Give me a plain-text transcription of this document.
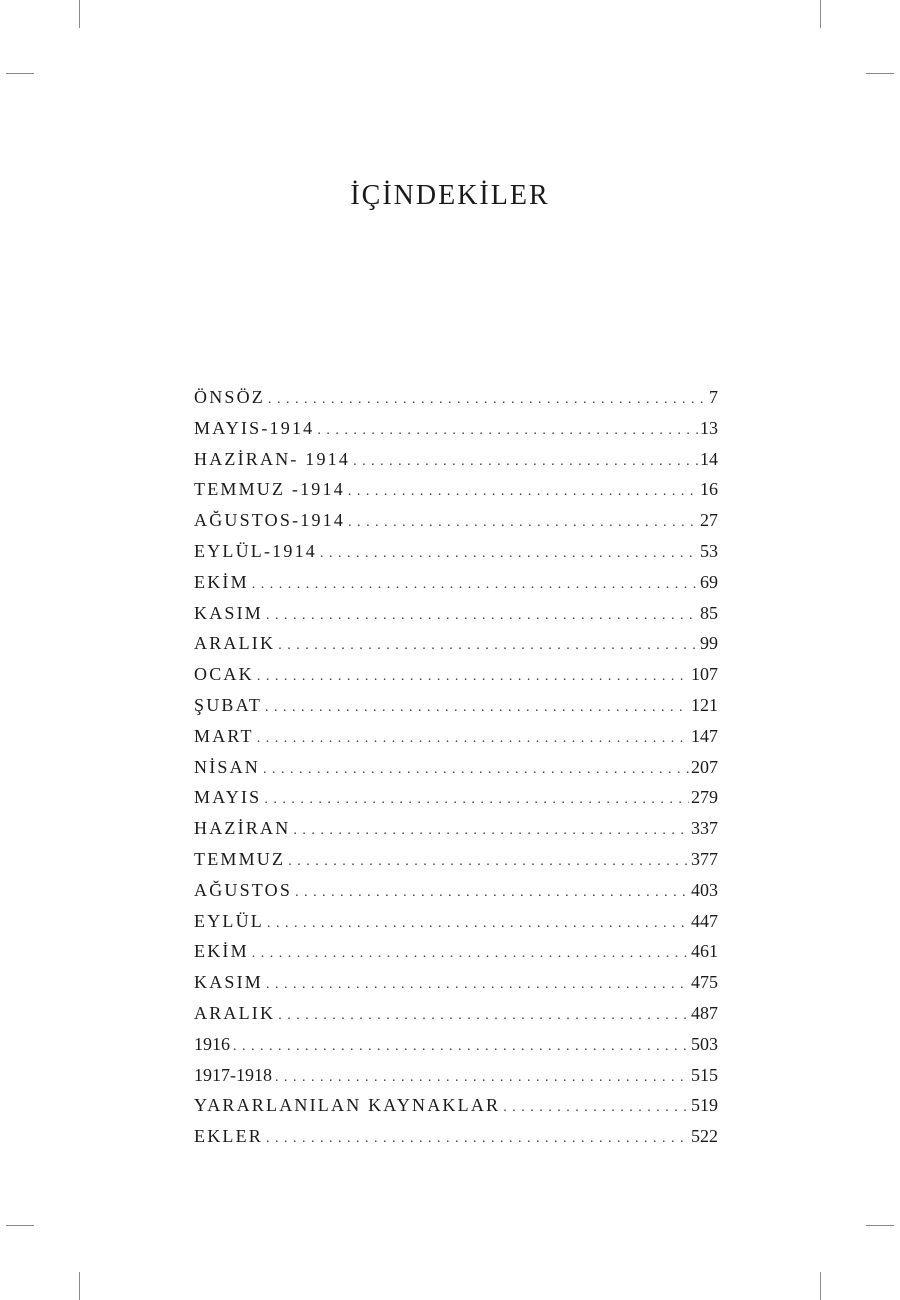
İÇİNDEKİLER
ÖNSÖZ . . .	7
MAYIS-1914 . . .	13
HAZİRAN- 1914 . . .	14
TEMMUZ -1914 . . .	16
AĞUSTOS-1914 . . .	27
EYLÜL-1914 . . .	53
EKİM . . .	69
KASIM . . .	85
ARALIK . . .	99
OCAK . . .	107
ŞUBAT . . .	121
MART . . .	147
NİSAN . . .	207
MAYIS . . .	279
HAZİRAN . . .	337
TEMMUZ . . .	377
AĞUSTOS . . .	403
EYLÜL . . .	447
EKİM . . .	461
KASIM . . .	475
ARALIK . . .	487
1916 . . .	503
1917-1918 . . .	515
YARARLANILAN KAYNAKLAR . . .	519
EKLER . . .	522
